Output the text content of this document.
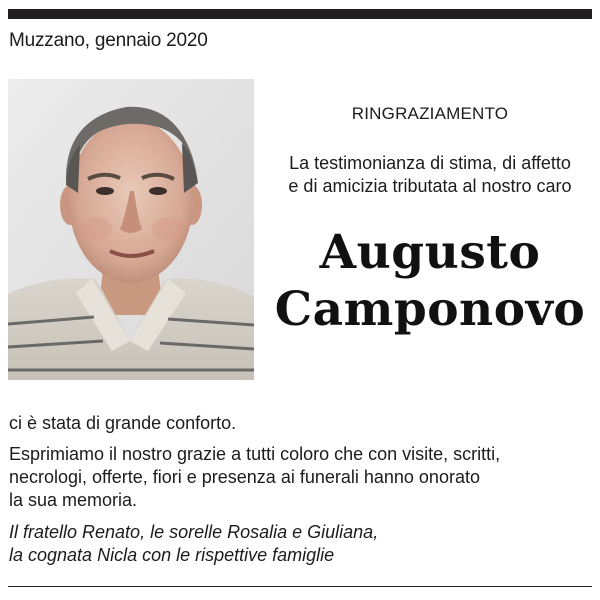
Muzzano, gennaio 2020
RINGRAZIAMENTO
La testimonianza di stima, di affetto
e di amicizia tributata al nostro caro
Augusto
Camponovo
ci è stata di grande conforto.
Esprimiamo il nostro grazie a tutti coloro che con visite, scritti,
necrologi, offerte, fiori e presenza ai funerali hanno onorato
la sua memoria.
Il fratello Renato, le sorelle Rosalia e Giuliana,
la cognata Nicla con le rispettive famiglie
